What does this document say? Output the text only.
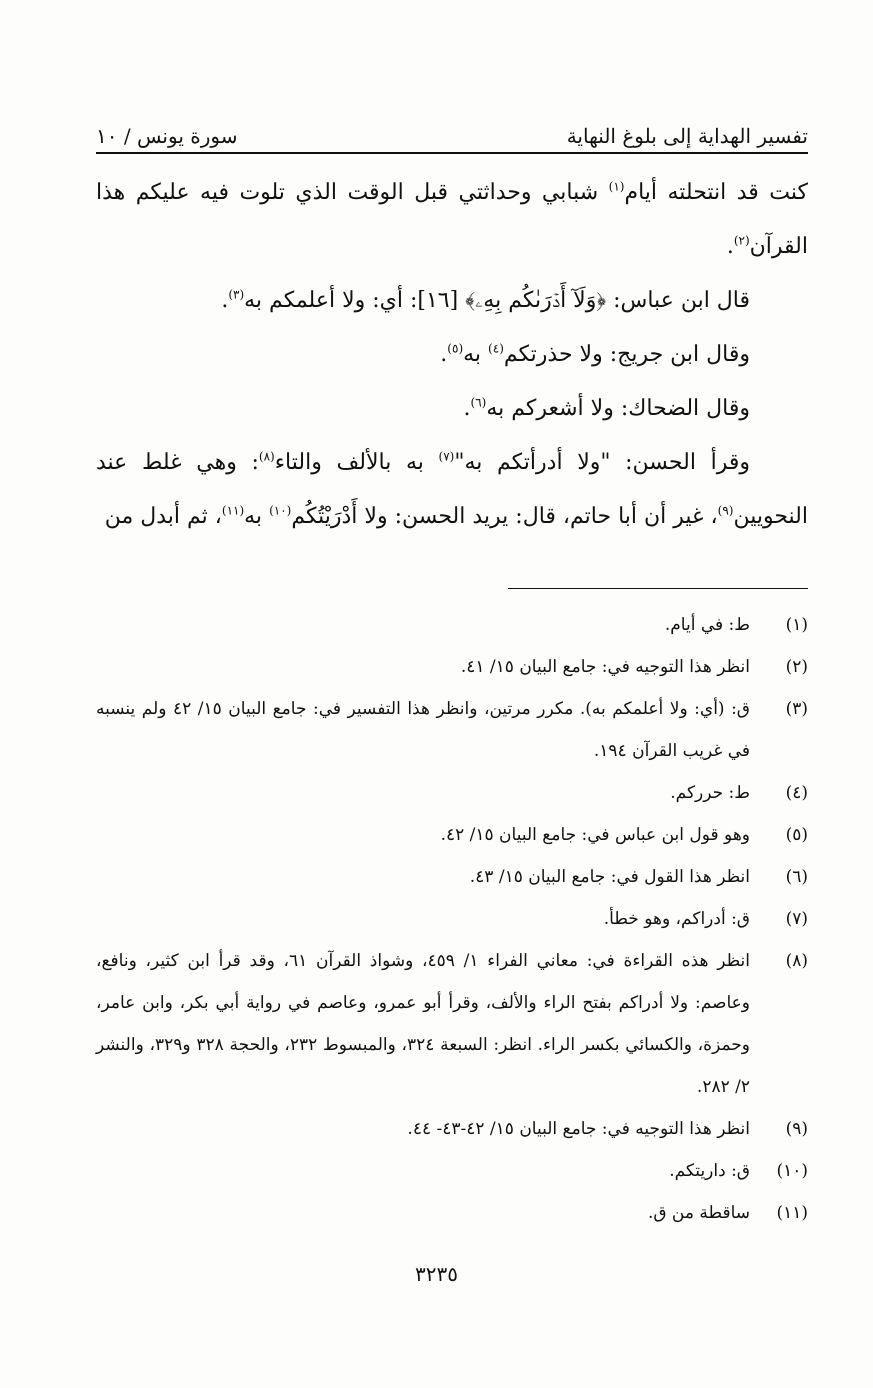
تفسير الهداية إلى بلوغ النهاية
سورة يونس / ١٠

كنت قد انتحلته أيام$^{(١)}$ شبابي وحداثتي قبل الوقت الذي تلوت فيه عليكم هذا القرآن$^{(٢)}$.

قال ابن عباس: ﴿وَلَآ أَدۡرَىٰكُم بِهِۦ﴾ [١٦]: أي: ولا أعلمكم به$^{(٣)}$.

وقال ابن جريج: ولا حذرتكم$^{(٤)}$ به$^{(٥)}$.

وقال الضحاك: ولا أشعركم به$^{(٦)}$.

وقرأ الحسن: "ولا أدرأتكم به"$^{(٧)}$ به بالألف والتاء$^{(٨)}$: وهي غلط عند النحويين$^{(٩)}$، غير أن أبا حاتم، قال: يريد الحسن: ولا أَدْرَيْتُكُم$^{(١٠)}$ به$^{(١١)}$، ثم أبدل من

(١)
ط: في أيام.
(٢)
انظر هذا التوجيه في: جامع البيان ١٥/ ٤١.
(٣)
ق: (أي: ولا أعلمكم به). مكرر مرتين، وانظر هذا التفسير في: جامع البيان ١٥/ ٤٢ ولم ينسبه في غريب القرآن ١٩٤.
(٤)
ط: حررکم.
(٥)
وهو قول ابن عباس في: جامع البيان ١٥/ ٤٢.
(٦)
انظر هذا القول في: جامع البيان ١٥/ ٤٣.
(٧)
ق: أدراكم، وهو خطأ.
(٨)
انظر هذه القراءة في: معاني الفراء ١/ ٤٥٩، وشواذ القرآن ٦١، وقد قرأ ابن كثير، ونافع، وعاصم: ولا أدراكم بفتح الراء والألف، وقرأ أبو عمرو، وعاصم في رواية أبي بكر، وابن عامر، وحمزة، والكسائي بكسر الراء. انظر: السبعة ٣٢٤، والمبسوط ٢٣٢، والحجة ٣٢٨ و٣٢٩، والنشر ٢/ ٢٨٢.
(٩)
انظر هذا التوجيه في: جامع البيان ١٥/ ٤٢-٤٣- ٤٤.
(١٠)
ق: داريتكم.
(١١)
ساقطة من ق.
٣٢٣٥
